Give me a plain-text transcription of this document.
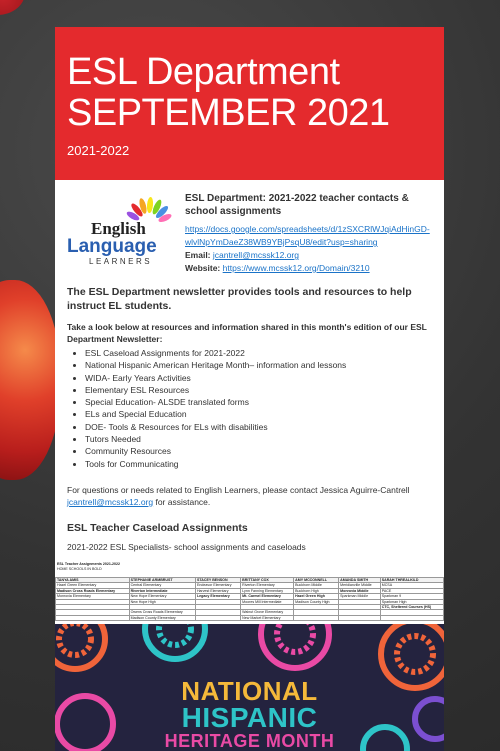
ESL Department
SEPTEMBER 2021
2021-2022
English
Language
LEARNERS
ESL Department: 2021-2022 teacher contacts & school assignments
https://docs.google.com/spreadsheets/d/1zSXCRlWJqiAdHinGD-wlvlNpYmDaeZ38WB9YBjPsqU8/edit?usp=sharing
Email: jcantrell@mcssk12.org
Website: https://www.mcssk12.org/Domain/3210
The ESL Department newsletter provides tools and resources to help instruct EL students.
Take a look below at resources and information shared in this month's edition of our ESL Department Newsletter:
• ESL Caseload Assignments for 2021-2022
• National Hispanic American Heritage Month– information and lessons
• WIDA- Early Years Activities
• Elementary ESL Resources
• Special Education- ALSDE translated forms
• ELs and Special Education
• DOE- Tools & Resources for ELs with disabilities
• Tutors Needed
• Community Resources
• Tools for Communicating
For questions or needs related to English Learners, please contact Jessica Aguirre-Cantrell jcantrell@mcssk12.org for assistance.
ESL Teacher Caseload Assignments
2021-2022 ESL Specialists- school assignments and caseloads
ESL Teacher Assignments 2021-2022
HOME SCHOOLS IN BOLD
TANYA AMIS	STEPHANIE ARMBRUST	STACEY BENSON	BRITTANY COX	AMY MCCONNELL	AMANDA SMITH	SARAH THREALKILD
Hazel Green Elementary	Central Elementary	Endeavor Elementary	Riverton Elementary	Buckhorn Middle	Meridianville Middle	MCSA
Madison Cross Roads Elementary	Riverton Intermediate	Harvest Elementary	Lynn Fanning Elementary	Buckhorn High	Monrovia Middle	PACE
Monrovia Elementary	New Hope Elementary	Legacy Elementary	Mt. Carmel Elementary	Hazel Green High	Sparkman Middle	Sparkman 9
	New Hope High		Moores Mill Intermediate	Madison County High		Sparkman High
						CTC, Sheltered Courses (HS)
	Owens Cross Roads Elementary		Walnut Grove Elementary			
	Madison County Elementary		New Market Elementary			
NATIONAL
HISPANIC
HERITAGE MONTH
